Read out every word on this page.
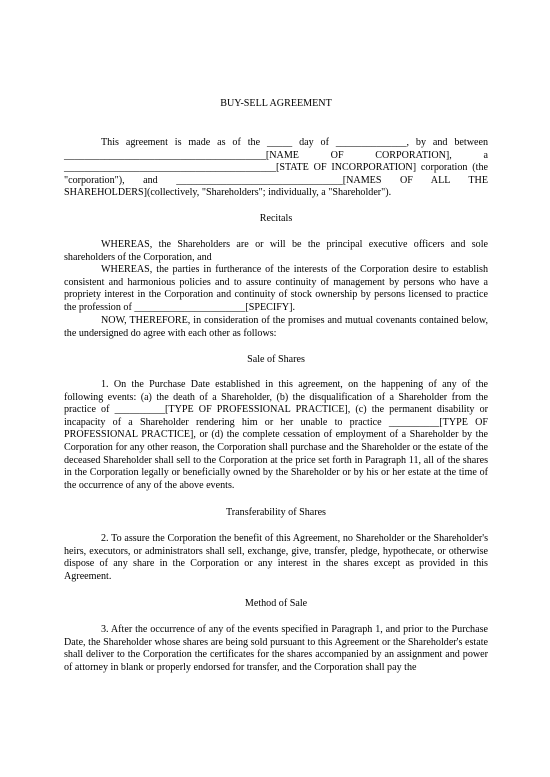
BUY-SELL AGREEMENT

This agreement is made as of the _____ day of ______________, by and between ________________________________________[NAME OF CORPORATION], a __________________________________________[STATE OF INCORPORATION] corporation (the "corporation"), and _________________________________[NAMES OF ALL THE SHAREHOLDERS](collectively, "Shareholders"; individually, a "Shareholder").

Recitals

WHEREAS, the Shareholders are or will be the principal executive officers and sole shareholders of the Corporation, and

WHEREAS, the parties in furtherance of the interests of the Corporation desire to establish consistent and harmonious policies and to assure continuity of management by persons who have a propriety interest in the Corporation and continuity of stock ownership by persons licensed to practice the profession of ______________________[SPECIFY].

NOW, THEREFORE, in consideration of the promises and mutual covenants contained below, the undersigned do agree with each other as follows:

Sale of Shares

1. On the Purchase Date established in this agreement, on the happening of any of the following events: (a) the death of a Shareholder, (b) the disqualification of a Shareholder from the practice of __________[TYPE OF PROFESSIONAL PRACTICE], (c) the permanent disability or incapacity of a Shareholder rendering him or her unable to practice __________[TYPE OF PROFESSIONAL PRACTICE], or (d) the complete cessation of employment of a Shareholder by the Corporation for any other reason, the Corporation shall purchase and the Shareholder or the estate of the deceased Shareholder shall sell to the Corporation at the price set forth in Paragraph 11, all of the shares in the Corporation legally or beneficially owned by the Shareholder or by his or her estate at the time of the occurrence of any of the above events.

Transferability of Shares

2. To assure the Corporation the benefit of this Agreement, no Shareholder or the Shareholder's heirs, executors, or administrators shall sell, exchange, give, transfer, pledge, hypothecate, or otherwise dispose of any share in the Corporation or any interest in the shares except as provided in this Agreement.

Method of Sale

3. After the occurrence of any of the events specified in Paragraph 1, and prior to the Purchase Date, the Shareholder whose shares are being sold pursuant to this Agreement or the Shareholder's estate shall deliver to the Corporation the certificates for the shares accompanied by an assignment and power of attorney in blank or properly endorsed for transfer, and the Corporation shall pay the
